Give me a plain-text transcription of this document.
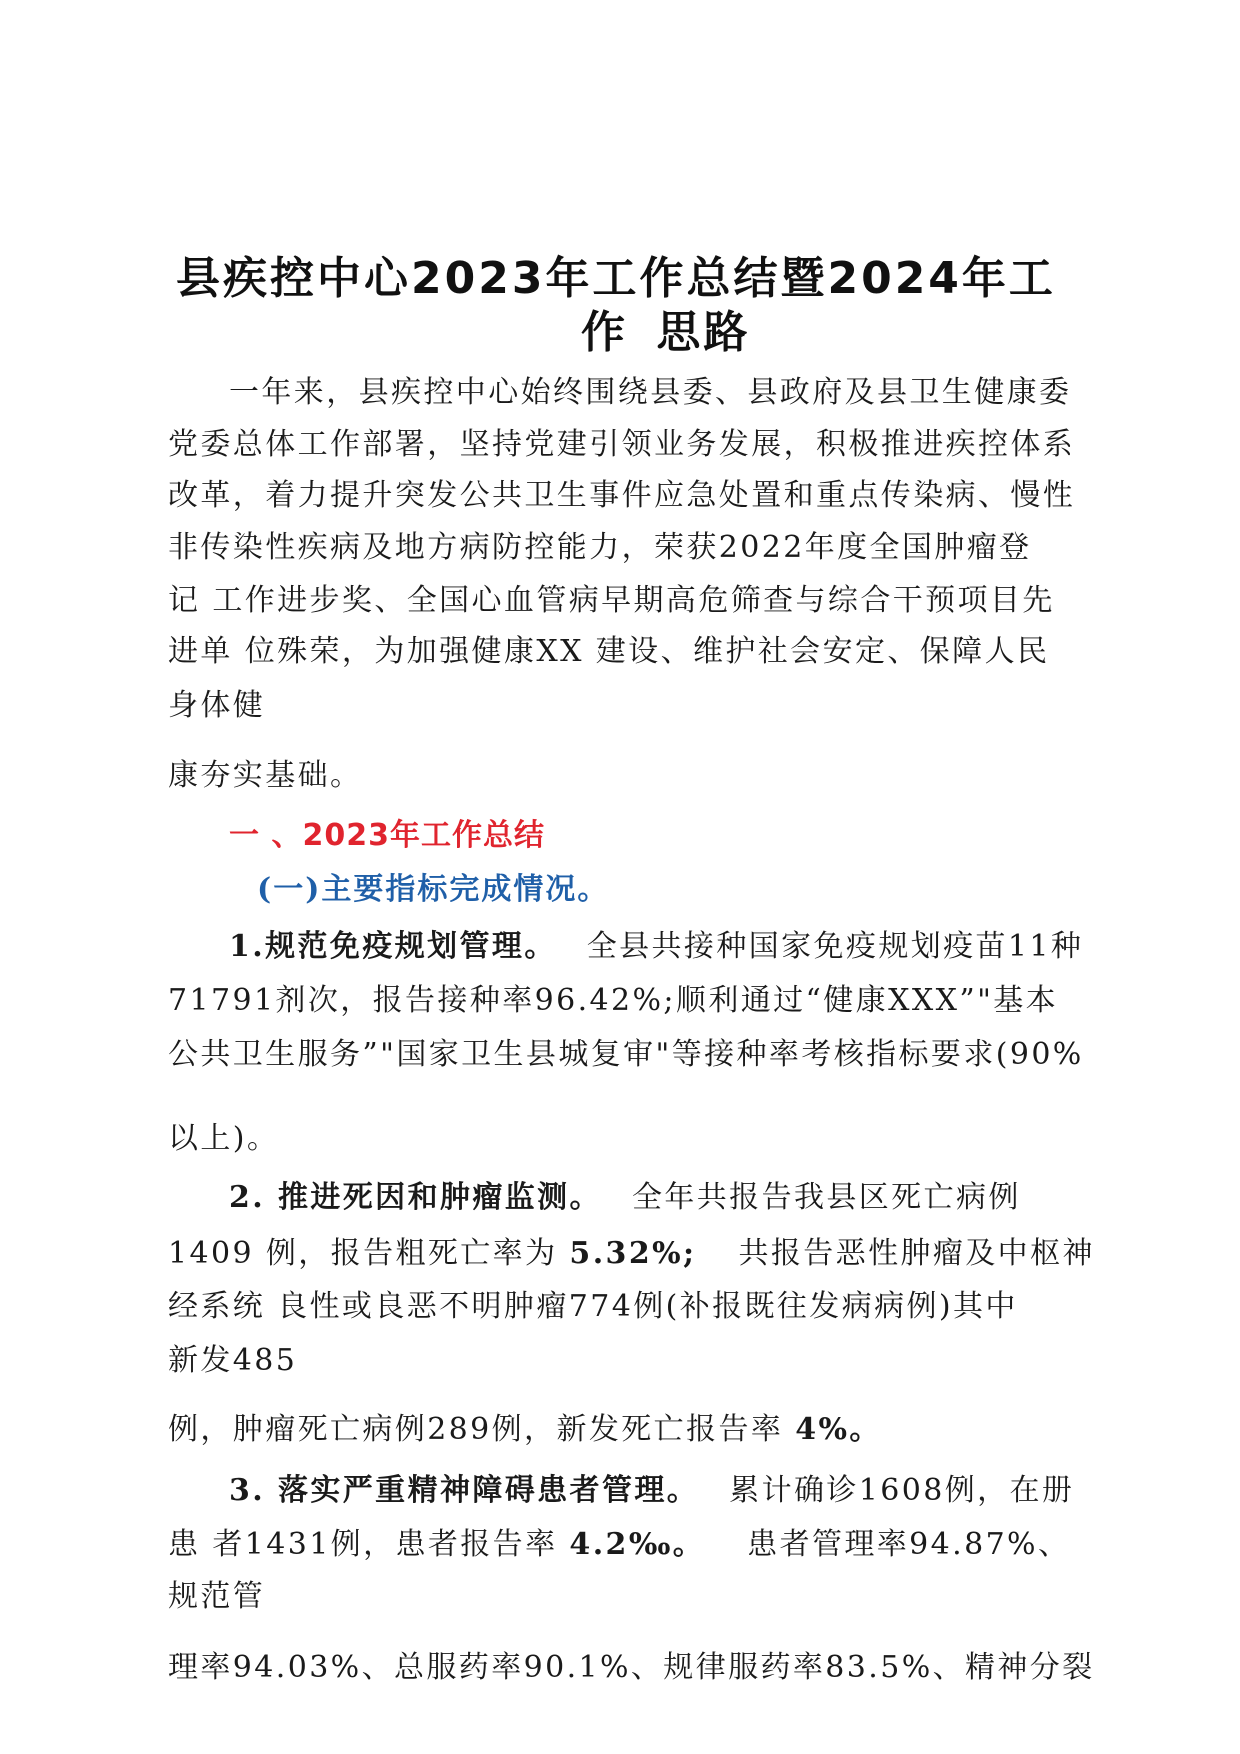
县疾控中心2023年工作总结暨2024年工
作 思路
一年来，县疾控中心始终围绕县委、县政府及县卫生健康委
党委总体工作部署，坚持党建引领业务发展，积极推进疾控体系
改革，着力提升突发公共卫生事件应急处置和重点传染病、慢性
非传染性疾病及地方病防控能力，荣获2022年度全国肿瘤登
记 工作进步奖、全国心血管病早期高危筛查与综合干预项目先
进单 位殊荣，为加强健康XX 建设、维护社会安定、保障人民
身体健
康夯实基础。
一 、2023年工作总结
(一)主要指标完成情况。
1.规范免疫规划管理。 全县共接种国家免疫规划疫苗11种
71791剂次，报告接种率96.42%;顺利通过“健康XXX”"基本
公共卫生服务”"国家卫生县城复审"等接种率考核指标要求(90%
以上)。
2. 推进死因和肿瘤监测。 全年共报告我县区死亡病例
1409 例，报告粗死亡率为 5.32%; 共报告恶性肿瘤及中枢神
经系统 良性或良恶不明肿瘤774例(补报既往发病病例)其中
新发485
例，肿瘤死亡病例289例，新发死亡报告率 4%。
3. 落实严重精神障碍患者管理。 累计确诊1608例，在册
患 者1431例，患者报告率 4.2‰。 患者管理率94.87%、
规范管
理率94.03%、总服药率90.1%、规律服药率83.5%、精神分裂
